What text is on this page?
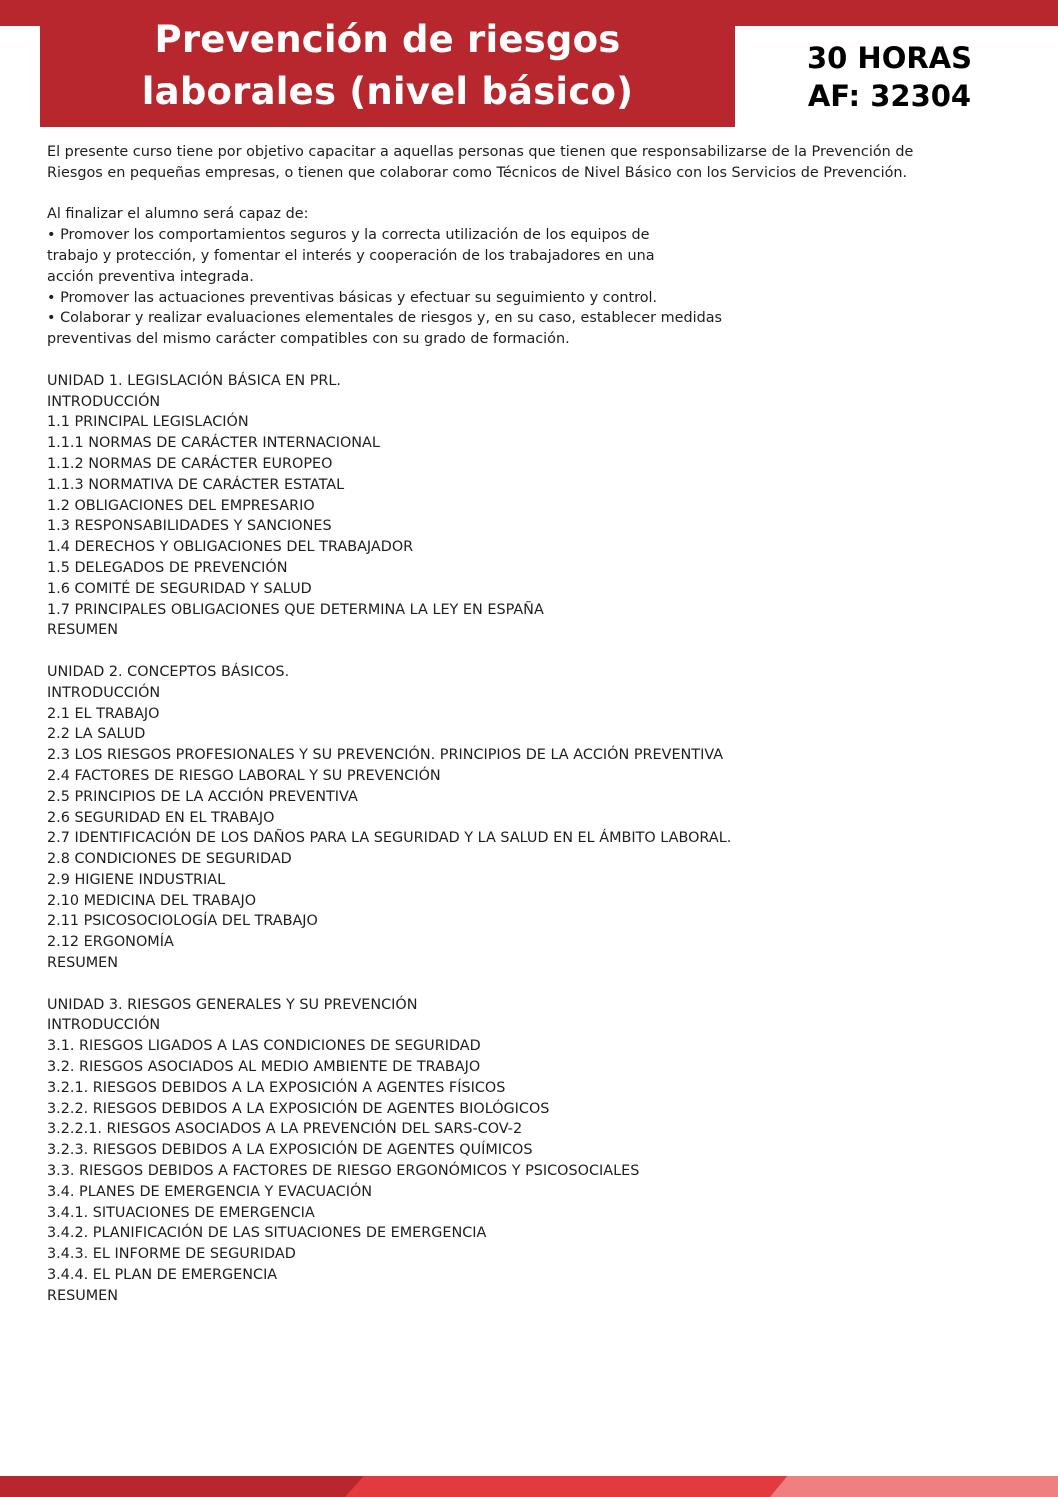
Prevención de riesgos
laborales (nivel básico)
30 HORAS
AF: 32304

El presente curso tiene por objetivo capacitar a aquellas personas que tienen que responsabilizarse de la Prevención de

Riesgos en pequeñas empresas, o tienen que colaborar como Técnicos de Nivel Básico con los Servicios de Prevención.

Al finalizar el alumno será capaz de:

• Promover los comportamientos seguros y la correcta utilización de los equipos de

trabajo y protección, y fomentar el interés y cooperación de los trabajadores en una

acción preventiva integrada.

• Promover las actuaciones preventivas básicas y efectuar su seguimiento y control.

• Colaborar y realizar evaluaciones elementales de riesgos y, en su caso, establecer medidas

preventivas del mismo carácter compatibles con su grado de formación.

UNIDAD 1. LEGISLACIÓN BÁSICA EN PRL.

INTRODUCCIÓN
1.1 PRINCIPAL LEGISLACIÓN
1.1.1 NORMAS DE CARÁCTER INTERNACIONAL
1.1.2 NORMAS DE CARÁCTER EUROPEO
1.1.3 NORMATIVA DE CARÁCTER ESTATAL
1.2 OBLIGACIONES DEL EMPRESARIO
1.3 RESPONSABILIDADES Y SANCIONES
1.4 DERECHOS Y OBLIGACIONES DEL TRABAJADOR
1.5 DELEGADOS DE PREVENCIÓN
1.6 COMITÉ DE SEGURIDAD Y SALUD
1.7 PRINCIPALES OBLIGACIONES QUE DETERMINA LA LEY EN ESPAÑA
RESUMEN

UNIDAD 2. CONCEPTOS BÁSICOS.

INTRODUCCIÓN
2.1 EL TRABAJO
2.2 LA SALUD
2.3 LOS RIESGOS PROFESIONALES Y SU PREVENCIÓN. PRINCIPIOS DE LA ACCIÓN PREVENTIVA
2.4 FACTORES DE RIESGO LABORAL Y SU PREVENCIÓN
2.5 PRINCIPIOS DE LA ACCIÓN PREVENTIVA
2.6 SEGURIDAD EN EL TRABAJO
2.7 IDENTIFICACIÓN DE LOS DAÑOS PARA LA SEGURIDAD Y LA SALUD EN EL ÁMBITO LABORAL.
2.8 CONDICIONES DE SEGURIDAD
2.9 HIGIENE INDUSTRIAL
2.10 MEDICINA DEL TRABAJO
2.11 PSICOSOCIOLOGÍA DEL TRABAJO
2.12 ERGONOMÍA
RESUMEN

UNIDAD 3. RIESGOS GENERALES Y SU PREVENCIÓN

INTRODUCCIÓN
3.1. RIESGOS LIGADOS A LAS CONDICIONES DE SEGURIDAD
3.2. RIESGOS ASOCIADOS AL MEDIO AMBIENTE DE TRABAJO
3.2.1. RIESGOS DEBIDOS A LA EXPOSICIÓN A AGENTES FÍSICOS
3.2.2. RIESGOS DEBIDOS A LA EXPOSICIÓN DE AGENTES BIOLÓGICOS
3.2.2.1. RIESGOS ASOCIADOS A LA PREVENCIÓN DEL SARS-COV-2
3.2.3. RIESGOS DEBIDOS A LA EXPOSICIÓN DE AGENTES QUÍMICOS
3.3. RIESGOS DEBIDOS A FACTORES DE RIESGO ERGONÓMICOS Y PSICOSOCIALES
3.4. PLANES DE EMERGENCIA Y EVACUACIÓN
3.4.1. SITUACIONES DE EMERGENCIA
3.4.2. PLANIFICACIÓN DE LAS SITUACIONES DE EMERGENCIA
3.4.3. EL INFORME DE SEGURIDAD
3.4.4. EL PLAN DE EMERGENCIA
RESUMEN
